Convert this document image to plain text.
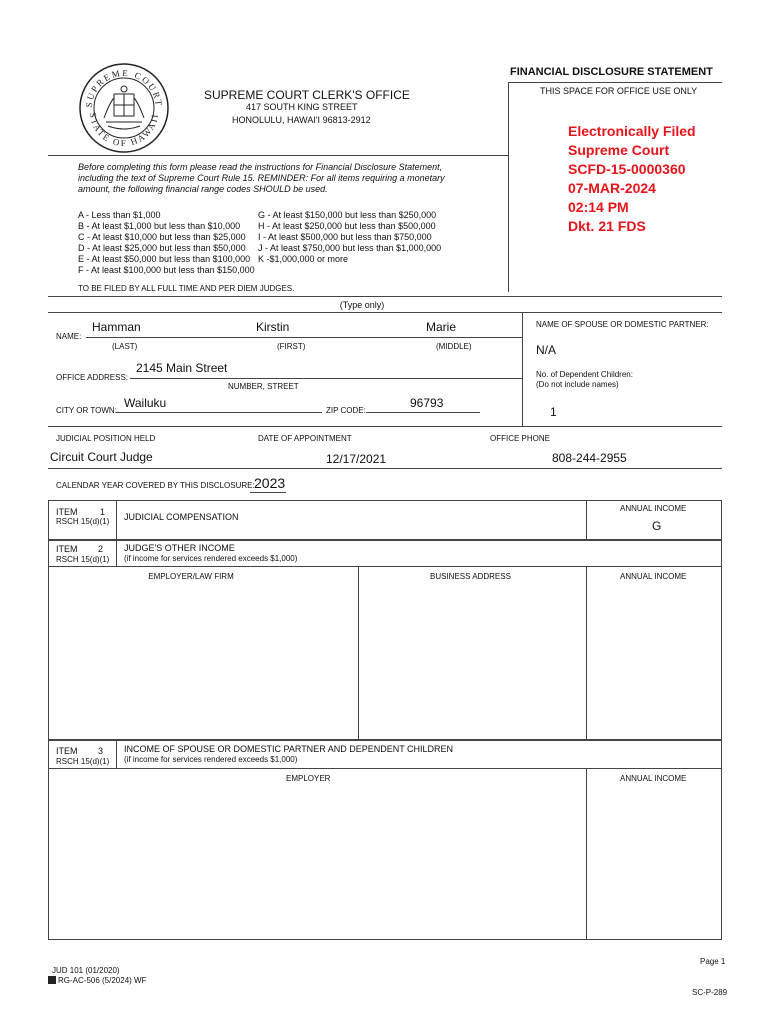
SUPREME COURT
STATE OF HAWAII
FINANCIAL DISCLOSURE STATEMENT
THIS SPACE FOR OFFICE USE ONLY
SUPREME COURT CLERK'S OFFICE
417 SOUTH KING STREET
HONOLULU, HAWAI'I 96813-2912
Electronically Filed
Supreme Court
SCFD-15-0000360
07-MAR-2024
02:14 PM
Dkt. 21 FDS
Before completing this form please read the instructions for Financial Disclosure Statement,
including the text of Supreme Court Rule 15. REMINDER: For all items requiring a monetary
amount, the following financial range codes SHOULD be used.
A - Less than $1,000
B - At least $1,000 but less than $10,000
C - At least $10,000 but less than $25,000
D - At least $25,000 but less than $50,000
E - At least $50,000 but less than $100,000
F - At least $100,000 but less than $150,000
G - At least $150,000 but less than $250,000
H - At least $250,000 but less than $500,000
I - At least $500,000 but less than $750,000
J - At least $750,000 but less than $1,000,000
K -$1,000,000 or more
TO BE FILED BY ALL FULL TIME AND PER DIEM JUDGES.
(Type only)
NAME:
Hamman	Kirstin	Marie
(LAST)	(FIRST)	(MIDDLE)
NAME OF SPOUSE OR DOMESTIC PARTNER:
N/A
OFFICE ADDRESS:
2145 Main Street
NUMBER, STREET
No. of Dependent Children:
(Do not include names)
1
CITY OR TOWN:
Wailuku
ZIP CODE:
96793
JUDICIAL POSITION HELD	DATE OF APPOINTMENT	OFFICE PHONE
Circuit Court Judge	12/17/2021	808-244-2955
CALENDAR YEAR COVERED BY THIS DISCLOSURE: 2023
ITEM	1
RSCH 15(d)(1) JUDICIAL COMPENSATION
ANNUAL INCOME
G
ITEM 2
RSCH 15(d)(1)
JUDGE'S OTHER INCOME
(if income for services rendered exceeds $1,000)
EMPLOYER/LAW FIRM	BUSINESS ADDRESS	ANNUAL INCOME
ITEM 3
RSCH 15(d)(1)
INCOME OF SPOUSE OR DOMESTIC PARTNER AND DEPENDENT CHILDREN
(if income for services rendered exceeds $1,000)
EMPLOYER	ANNUAL INCOME
Page 1
JUD 101 (01/2020)
RG-AC-506 (5/2024) WF
SC-P-289
